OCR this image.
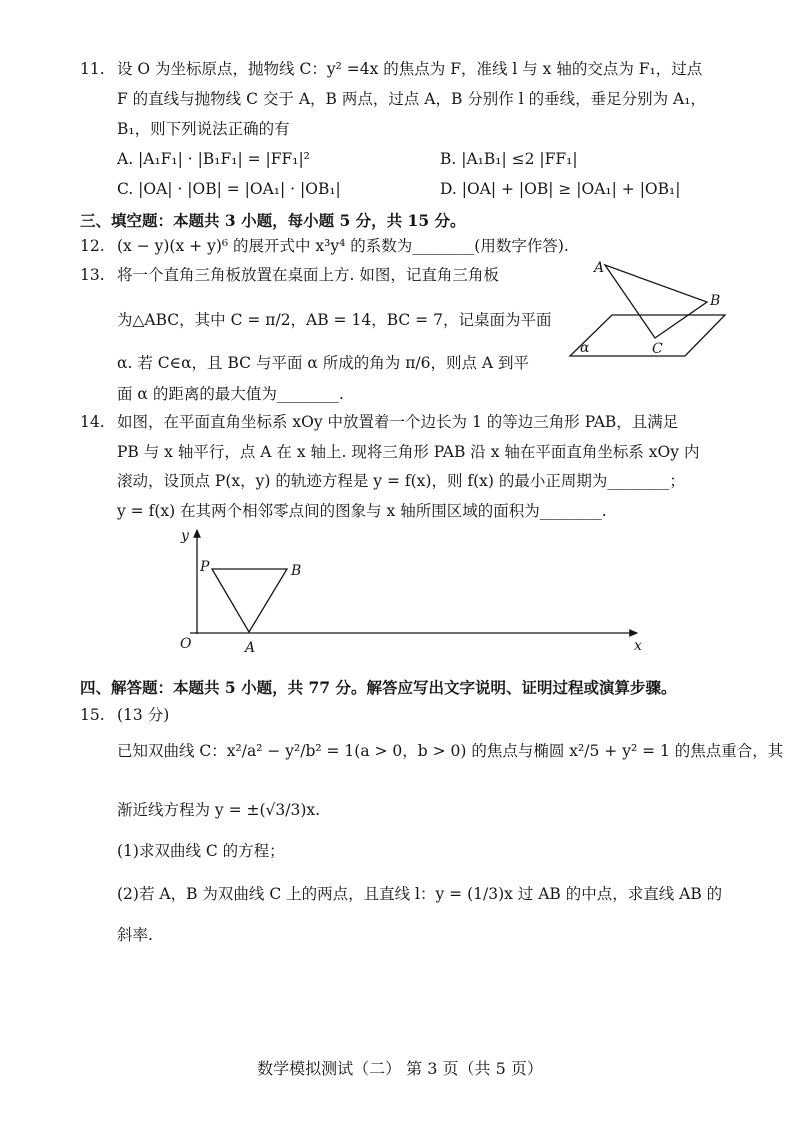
11. 设 O 为坐标原点，抛物线 C：y² =4x 的焦点为 F，准线 l 与 x 轴的交点为 F₁，过点
F 的直线与抛物线 C 交于 A，B 两点，过点 A，B 分别作 l 的垂线，垂足分别为 A₁，
B₁，则下列说法正确的有
A. |A₁F₁| · |B₁F₁| = |FF₁|²	B. |A₁B₁| ≤2 |FF₁|
C. |OA| · |OB| = |OA₁| · |OB₁|	D. |OA| + |OB| ≥ |OA₁| + |OB₁|
三、填空题：本题共 3 小题，每小题 5 分，共 15 分。
12. (x − y)(x + y)⁶ 的展开式中 x³y⁴ 的系数为________(用数字作答).
13. 将一个直角三角板放置在桌面上方. 如图，记直角三角板
为△ABC，其中 C = π/2，AB = 14，BC = 7，记桌面为平面
α. 若 C∈α，且 BC 与平面 α 所成的角为 π/6，则点 A 到平
面 α 的距离的最大值为________.
A
B
C
α
14. 如图，在平面直角坐标系 xOy 中放置着一个边长为 1 的等边三角形 PAB，且满足
PB 与 x 轴平行，点 A 在 x 轴上. 现将三角形 PAB 沿 x 轴在平面直角坐标系 xOy 内
滚动，设顶点 P(x，y) 的轨迹方程是 y = f(x)，则 f(x) 的最小正周期为________；
y = f(x) 在其两个相邻零点间的图象与 x 轴所围区域的面积为________.
y
x
O
P
A
B
四、解答题：本题共 5 小题，共 77 分。解答应写出文字说明、证明过程或演算步骤。
15. (13 分)
已知双曲线 C：x²/a² − y²/b² = 1(a > 0，b > 0) 的焦点与椭圆 x²/5 + y² = 1 的焦点重合，其
渐近线方程为 y = ±(√3/3)x.
(1)求双曲线 C 的方程；
(2)若 A，B 为双曲线 C 上的两点，且直线 l：y = (1/3)x 过 AB 的中点，求直线 AB 的
斜率.
数学模拟测试（二） 第 3 页（共 5 页）
